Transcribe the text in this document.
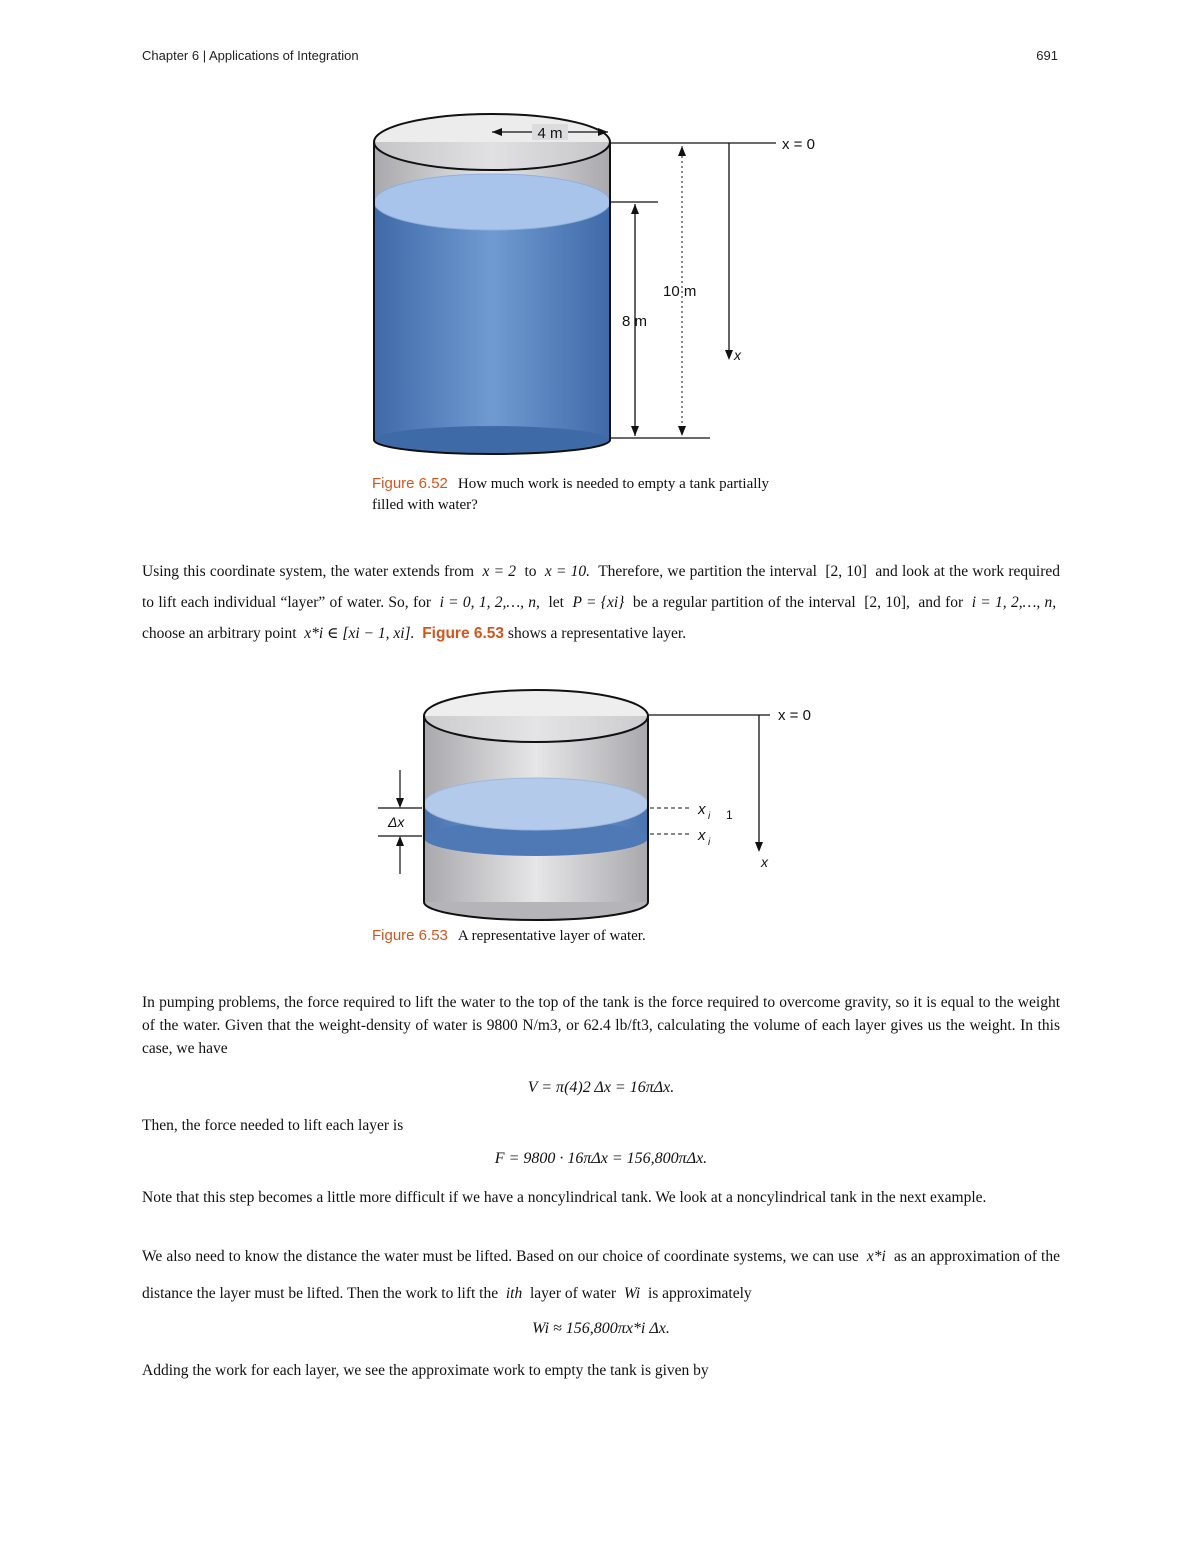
Chapter 6 | Applications of Integration	691
4 m
x = 0
8 m
10 m
x
Figure 6.52 How much work is needed to empty a tank partially filled with water?
Using this coordinate system, the water extends from x = 2 to x = 10. Therefore, we partition the interval [2, 10] and look at the work required to lift each individual “layer” of water. So, for i = 0, 1, 2,…, n, let P = {xi} be a regular partition of the interval [2, 10], and for i = 1, 2,…, n,  choose an arbitrary point x*i ∈ [xi − 1, xi]. Figure 6.53 shows a representative layer.
x = 0
x
x i 1
x i
Δx
Figure 6.53 A representative layer of water.
In pumping problems, the force required to lift the water to the top of the tank is the force required to overcome gravity, so it is equal to the weight of the water. Given that the weight-density of water is 9800 N/m3, or 62.4 lb/ft3, calculating the volume of each layer gives us the weight. In this case, we have
V = π(4)2 Δx = 16πΔx.
Then, the force needed to lift each layer is
F = 9800 · 16πΔx = 156,800πΔx.
Note that this step becomes a little more difficult if we have a noncylindrical tank. We look at a noncylindrical tank in the next example.
We also need to know the distance the water must be lifted. Based on our choice of coordinate systems, we can use x*i as an approximation of the distance the layer must be lifted. Then the work to lift the ith layer of water Wi is approximately
Wi ≈ 156,800πx*i Δx.
Adding the work for each layer, we see the approximate work to empty the tank is given by
